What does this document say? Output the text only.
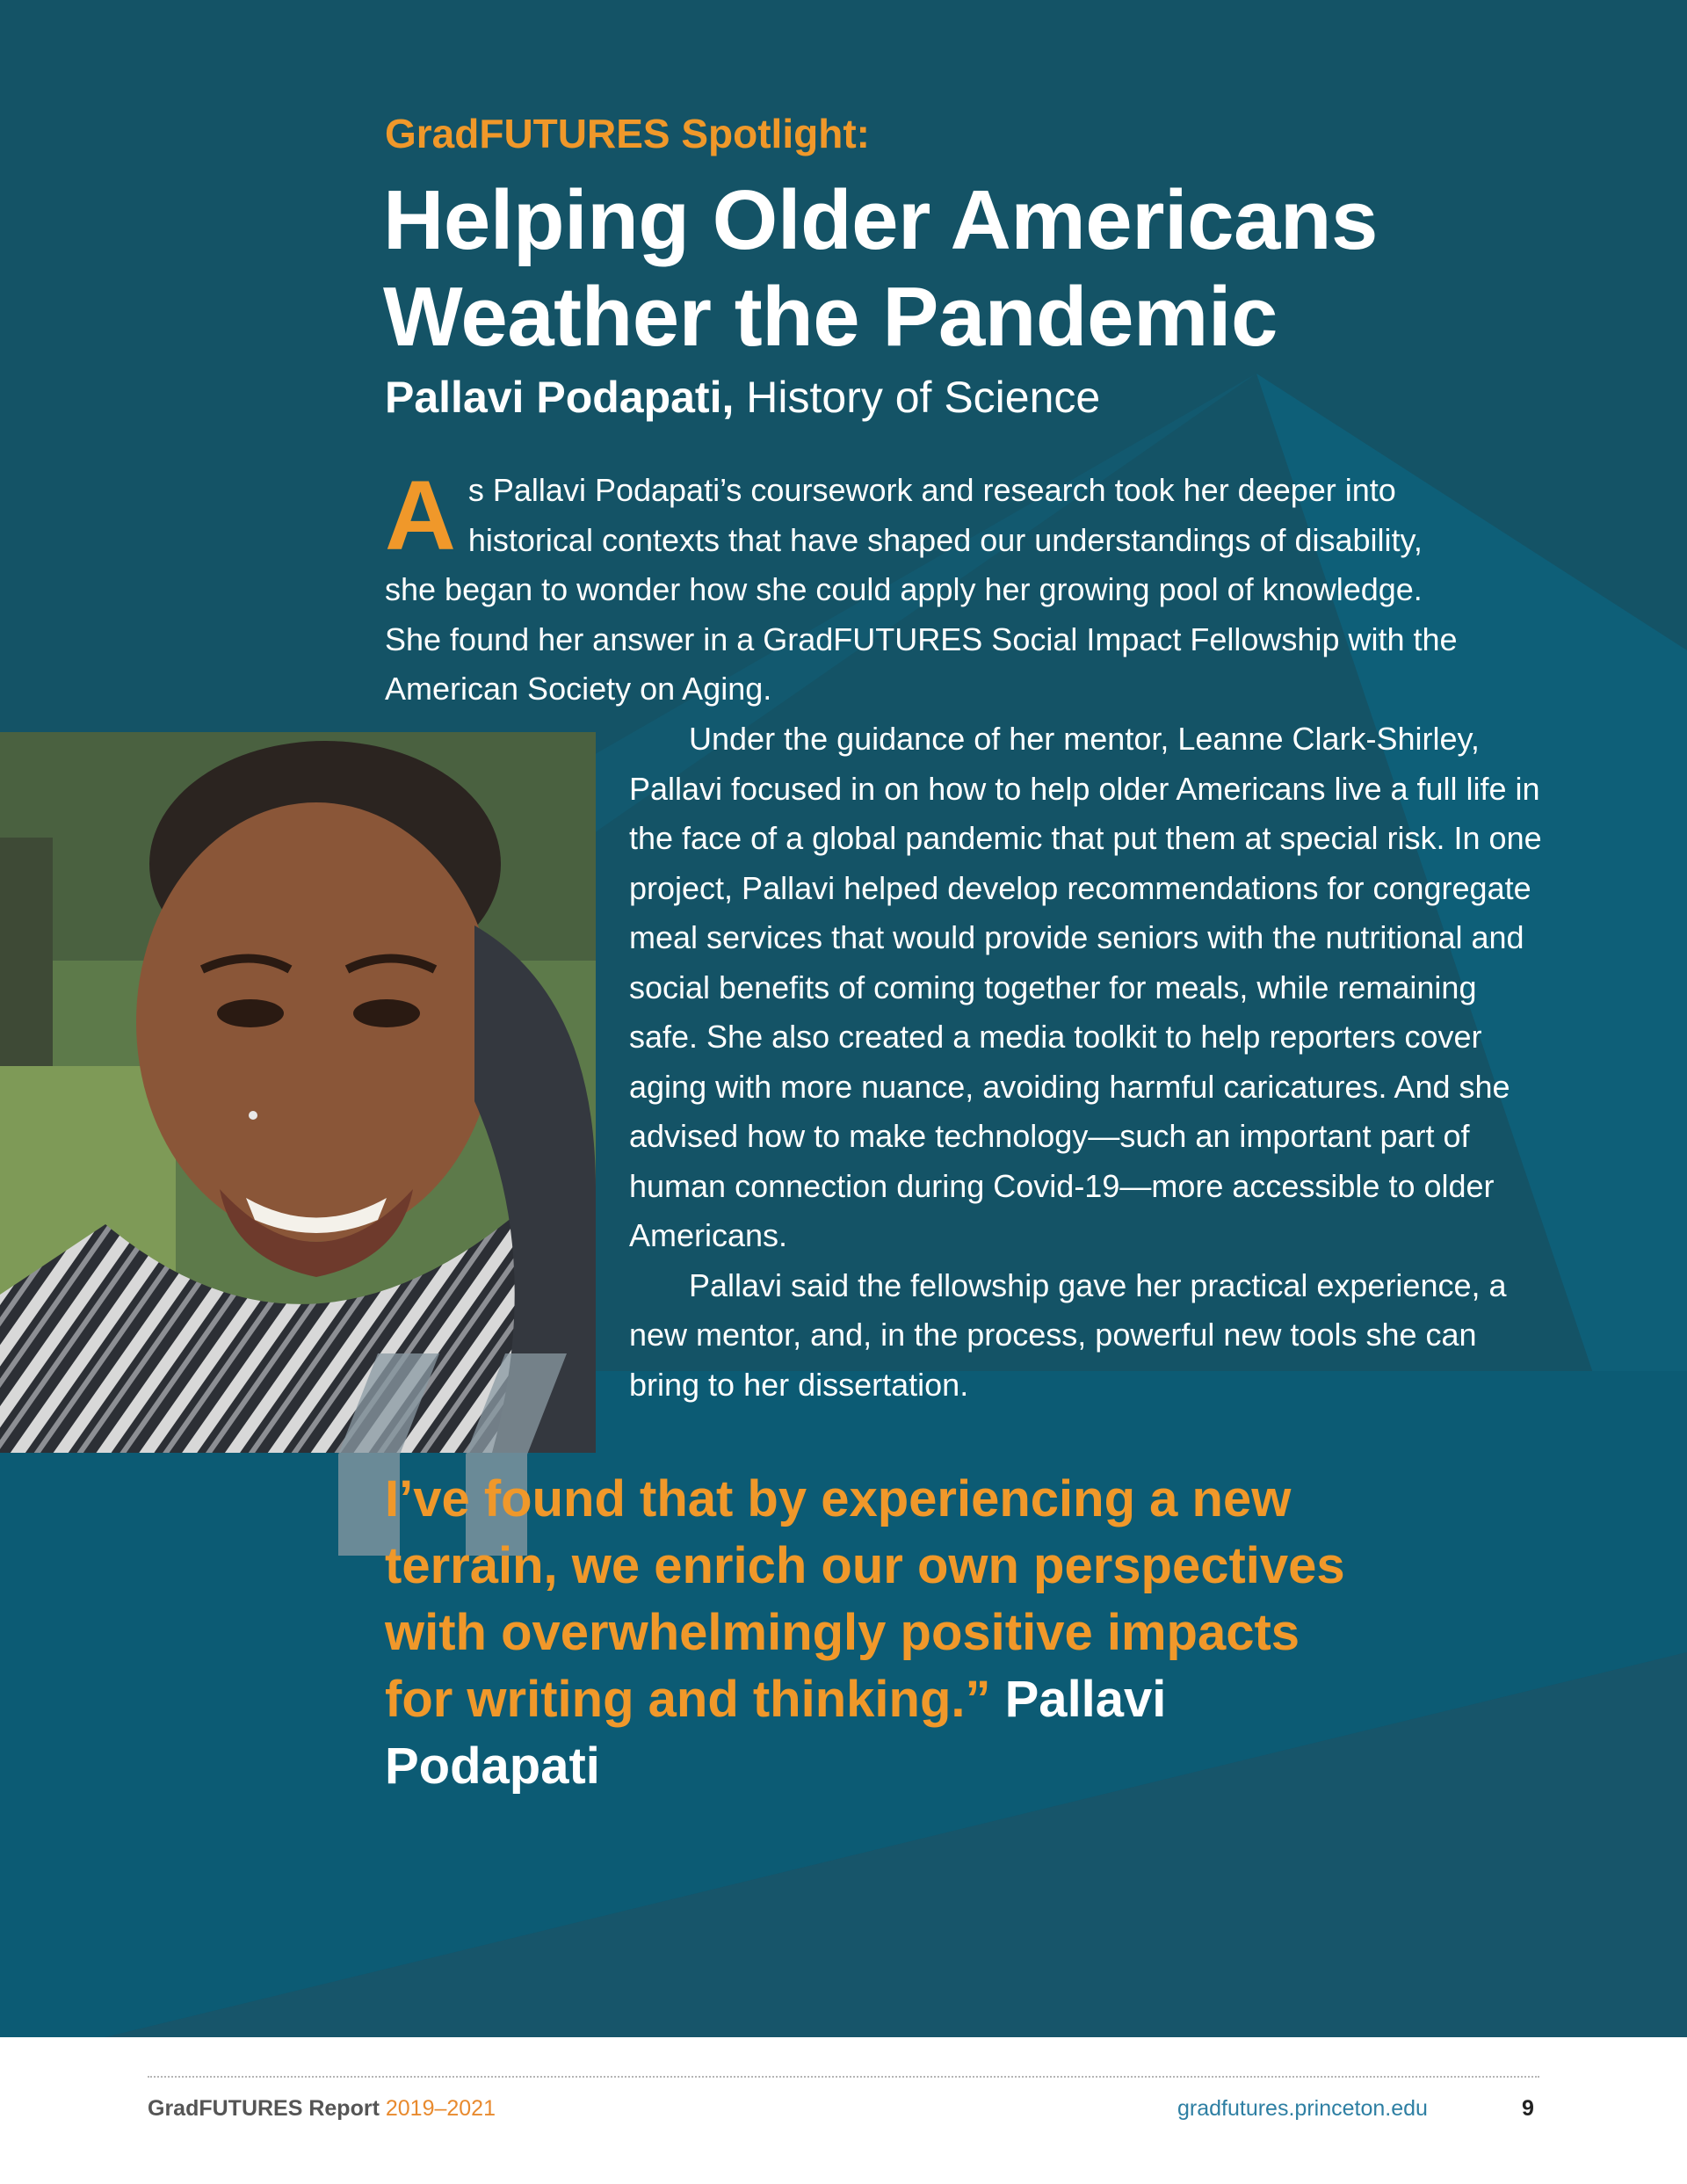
GradFUTURES Spotlight:
Helping Older Americans
Weather the Pandemic

Pallavi Podapati, History of Science

As Pallavi Podapati’s coursework and research took her deeper into historical contexts that have shaped our understandings of disability, she began to wonder how she could apply her growing pool of knowledge. She found her answer in a GradFUTURES Social Impact Fellowship with the American Society on Aging.

Under the guidance of her mentor, Leanne Clark-Shirley, Pallavi focused in on how to help older Americans live a full life in the face of a global pandemic that put them at special risk. In one project, Pallavi helped develop recommendations for congregate meal services that would provide seniors with the nutritional and social benefits of coming together for meals, while remaining safe. She also created a media toolkit to help reporters cover aging with more nuance, avoiding harmful caricatures. And she advised how to make technology—such an important part of human connection during Covid-19—more accessible to older Americans.

Pallavi said the fellowship gave her practical experience, a new mentor, and, in the process, powerful new tools she can bring to her dissertation.

I’ve found that by experiencing a new terrain, we enrich our own perspectives with overwhelmingly positive impacts for writing and thinking.” Pallavi Podapati

GradFUTURES Report 2019–2021	gradfutures.princeton.edu	9
